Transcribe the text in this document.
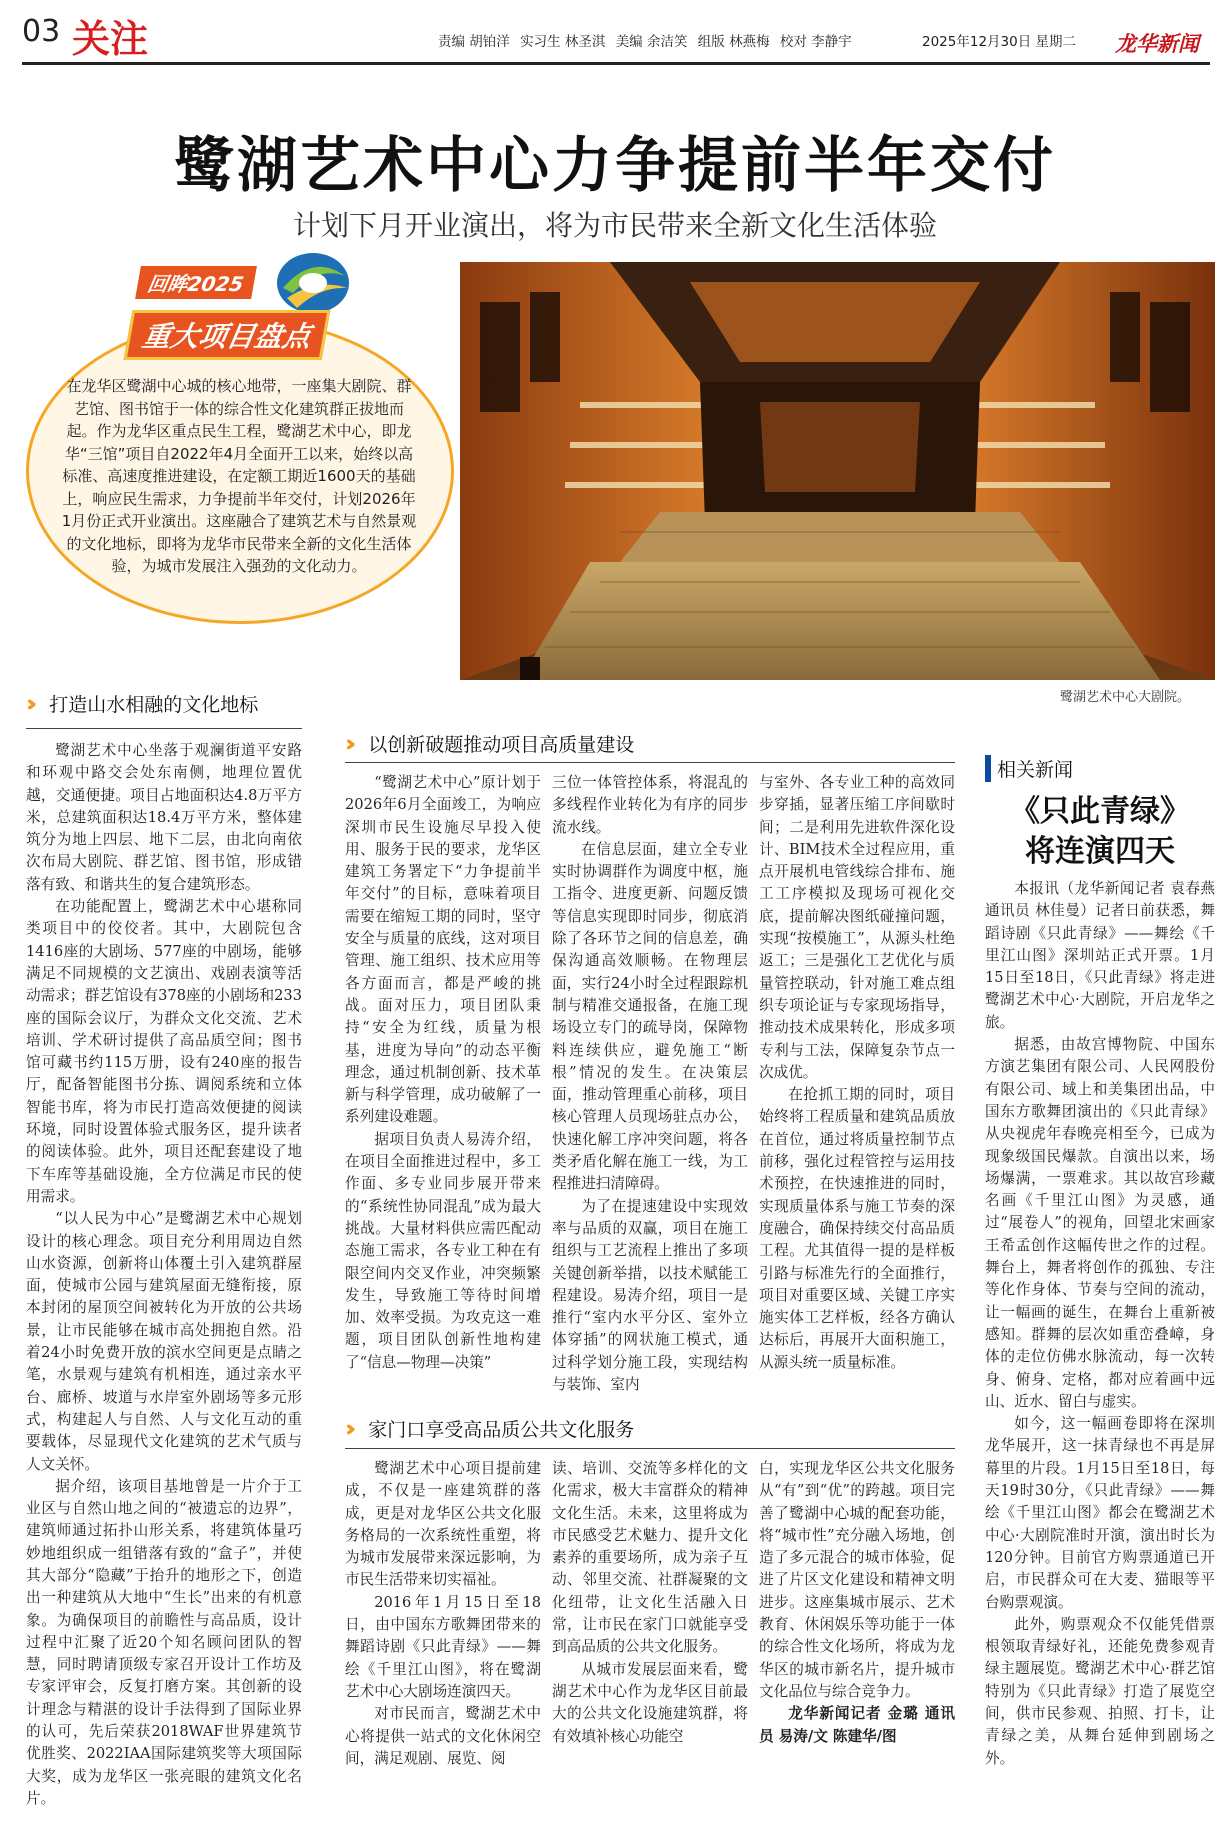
03 关注	责编 胡铂洋 实习生 林圣淇 美编 余洁笑 组版 林燕梅 校对 李静宇	2025年12月30日 星期二 龙华新闻
鹭湖艺术中心力争提前半年交付
计划下月开业演出，将为市民带来全新文化生活体验
在龙华区鹭湖中心城的核心地带，一座集大剧院、群艺馆、图书馆于一体的综合性文化建筑群正拔地而起。作为龙华区重点民生工程，鹭湖艺术中心，即龙华“三馆”项目自2022年4月全面开工以来，始终以高标准、高速度推进建设，在定额工期近1600天的基础上，响应民生需求，力争提前半年交付，计划2026年1月份正式开业演出。这座融合了建筑艺术与自然景观的文化地标，即将为龙华市民带来全新的文化生活体验，为城市发展注入强劲的文化动力。
回眸2025
重大项目盘点
鹭湖艺术中心大剧院。
››› 打造山水相融的文化地标

鹭湖艺术中心坐落于观澜街道平安路和环观中路交会处东南侧，地理位置优越，交通便捷。项目占地面积达4.8万平方米，总建筑面积达18.4万平方米，整体建筑分为地上四层、地下二层，由北向南依次布局大剧院、群艺馆、图书馆，形成错落有致、和谐共生的复合建筑形态。

在功能配置上，鹭湖艺术中心堪称同类项目中的佼佼者。其中，大剧院包含1416座的大剧场、577座的中剧场，能够满足不同规模的文艺演出、戏剧表演等活动需求；群艺馆设有378座的小剧场和233座的国际会议厅，为群众文化交流、艺术培训、学术研讨提供了高品质空间；图书馆可藏书约115万册，设有240座的报告厅，配备智能图书分拣、调阅系统和立体智能书库，将为市民打造高效便捷的阅读环境，同时设置体验式服务区，提升读者的阅读体验。此外，项目还配套建设了地下车库等基础设施，全方位满足市民的使用需求。

“以人民为中心”是鹭湖艺术中心规划设计的核心理念。项目充分利用周边自然山水资源，创新将山体覆土引入建筑群屋面，使城市公园与建筑屋面无缝衔接，原本封闭的屋顶空间被转化为开放的公共场景，让市民能够在城市高处拥抱自然。沿着24小时免费开放的滨水空间更是点睛之笔，水景观与建筑有机相连，通过亲水平台、廊桥、坡道与水岸室外剧场等多元形式，构建起人与自然、人与文化互动的重要载体，尽显现代文化建筑的艺术气质与人文关怀。

据介绍，该项目基地曾是一片介于工业区与自然山地之间的“被遗忘的边界”，建筑师通过拓扑山形关系，将建筑体量巧妙地组织成一组错落有致的“盒子”，并使其大部分“隐藏”于抬升的地形之下，创造出一种建筑从大地中“生长”出来的有机意象。为确保项目的前瞻性与高品质，设计过程中汇聚了近20个知名顾问团队的智慧，同时聘请顶级专家召开设计工作坊及专家评审会，反复打磨方案。其创新的设计理念与精湛的设计手法得到了国际业界的认可，先后荣获2018WAF世界建筑节优胜奖、2022IAA国际建筑奖等大项国际大奖，成为龙华区一张亮眼的建筑文化名片。

››› 以创新破题推动项目高质量建设

“鹭湖艺术中心”原计划于2026年6月全面竣工，为响应深圳市民生设施尽早投入使用、服务于民的要求，龙华区建筑工务署定下“力争提前半年交付”的目标，意味着项目需要在缩短工期的同时，坚守安全与质量的底线，这对项目管理、施工组织、技术应用等各方面而言，都是严峻的挑战。面对压力，项目团队秉持“安全为红线，质量为根基，进度为导向”的动态平衡理念，通过机制创新、技术革新与科学管理，成功破解了一系列建设难题。

据项目负责人易涛介绍，在项目全面推进过程中，多工作面、多专业同步展开带来的“系统性协同混乱”成为最大挑战。大量材料供应需匹配动态施工需求，各专业工种在有限空间内交叉作业，冲突频繁发生，导致施工等待时间增加、效率受损。为攻克这一难题，项目团队创新性地构建了“信息—物理—决策”

三位一体管控体系，将混乱的多线程作业转化为有序的同步流水线。

在信息层面，建立全专业实时协调群作为调度中枢，施工指令、进度更新、问题反馈等信息实现即时同步，彻底消除了各环节之间的信息差，确保沟通高效顺畅。在物理层面，实行24小时全过程跟踪机制与精准交通报备，在施工现场设立专门的疏导岗，保障物料连续供应，避免施工“断根”情况的发生。在决策层面，推动管理重心前移，项目核心管理人员现场驻点办公，快速化解工序冲突问题，将各类矛盾化解在施工一线，为工程推进扫清障碍。

为了在提速建设中实现效率与品质的双赢，项目在施工组织与工艺流程上推出了多项关键创新举措，以技术赋能工程建设。易涛介绍，项目一是推行“室内水平分区、室外立体穿插”的网状施工模式，通过科学划分施工段，实现结构与装饰、室内

与室外、各专业工种的高效同步穿插，显著压缩工序间歇时间；二是利用先进软件深化设计、BIM技术全过程应用，重点开展机电管线综合排布、施工工序模拟及现场可视化交底，提前解决图纸碰撞问题，实现“按模施工”，从源头杜绝返工；三是强化工艺优化与质量管控联动，针对施工难点组织专项论证与专家现场指导，推动技术成果转化，形成多项专利与工法，保障复杂节点一次成优。

在抢抓工期的同时，项目始终将工程质量和建筑品质放在首位，通过将质量控制节点前移，强化过程管控与运用技术预控，在快速推进的同时，实现质量体系与施工节奏的深度融合，确保持续交付高品质工程。尤其值得一提的是样板引路与标准先行的全面推行，项目对重要区域、关键工序实施实体工艺样板，经各方确认达标后，再展开大面积施工，从源头统一质量标准。

››› 家门口享受高品质公共文化服务

鹭湖艺术中心项目提前建成，不仅是一座建筑群的落成，更是对龙华区公共文化服务格局的一次系统性重塑，将为城市发展带来深远影响，为市民生活带来切实福祉。

2016年1月15日至18日，由中国东方歌舞团带来的舞蹈诗剧《只此青绿》——舞绘《千里江山图》，将在鹭湖艺术中心大剧场连演四天。

对市民而言，鹭湖艺术中心将提供一站式的文化休闲空间，满足观剧、展览、阅

读、培训、交流等多样化的文化需求，极大丰富群众的精神文化生活。未来，这里将成为市民感受艺术魅力、提升文化素养的重要场所，成为亲子互动、邻里交流、社群凝聚的文化纽带，让文化生活融入日常，让市民在家门口就能享受到高品质的公共文化服务。

从城市发展层面来看，鹭湖艺术中心作为龙华区目前最大的公共文化设施建筑群，将有效填补核心功能空

白，实现龙华区公共文化服务从“有”到“优”的跨越。项目完善了鹭湖中心城的配套功能，将“城市性”充分融入场地，创造了多元混合的城市体验，促进了片区文化建设和精神文明进步。这座集城市展示、艺术教育、休闲娱乐等功能于一体的综合性文化场所，将成为龙华区的城市新名片，提升城市文化品位与综合竞争力。

龙华新闻记者 金璐 通讯员 易涛/文 陈建华/图

相关新闻
《只此青绿》
将连演四天

本报讯（龙华新闻记者 袁春燕 通讯员 林佳曼）记者日前获悉，舞蹈诗剧《只此青绿》——舞绘《千里江山图》深圳站正式开票。1月15日至18日，《只此青绿》将走进鹭湖艺术中心·大剧院，开启龙华之旅。

据悉，由故宫博物院、中国东方演艺集团有限公司、人民网股份有限公司、域上和美集团出品，中国东方歌舞团演出的《只此青绿》从央视虎年春晚亮相至今，已成为现象级国民爆款。自演出以来，场场爆满，一票难求。其以故宫珍藏名画《千里江山图》为灵感，通过“展卷人”的视角，回望北宋画家王希孟创作这幅传世之作的过程。舞台上，舞者将创作的孤独、专注等化作身体、节奏与空间的流动，让一幅画的诞生，在舞台上重新被感知。群舞的层次如重峦叠嶂，身体的走位仿佛水脉流动，每一次转身、俯身、定格，都对应着画中远山、近水、留白与虚实。

如今，这一幅画卷即将在深圳龙华展开，这一抹青绿也不再是屏幕里的片段。1月15日至18日，每天19时30分，《只此青绿》——舞绘《千里江山图》都会在鹭湖艺术中心·大剧院准时开演，演出时长为120分钟。目前官方购票通道已开启，市民群众可在大麦、猫眼等平台购票观演。

此外，购票观众不仅能凭借票根领取青绿好礼，还能免费参观青绿主题展览。鹭湖艺术中心·群艺馆特别为《只此青绿》打造了展览空间，供市民参观、拍照、打卡，让青绿之美，从舞台延伸到剧场之外。
